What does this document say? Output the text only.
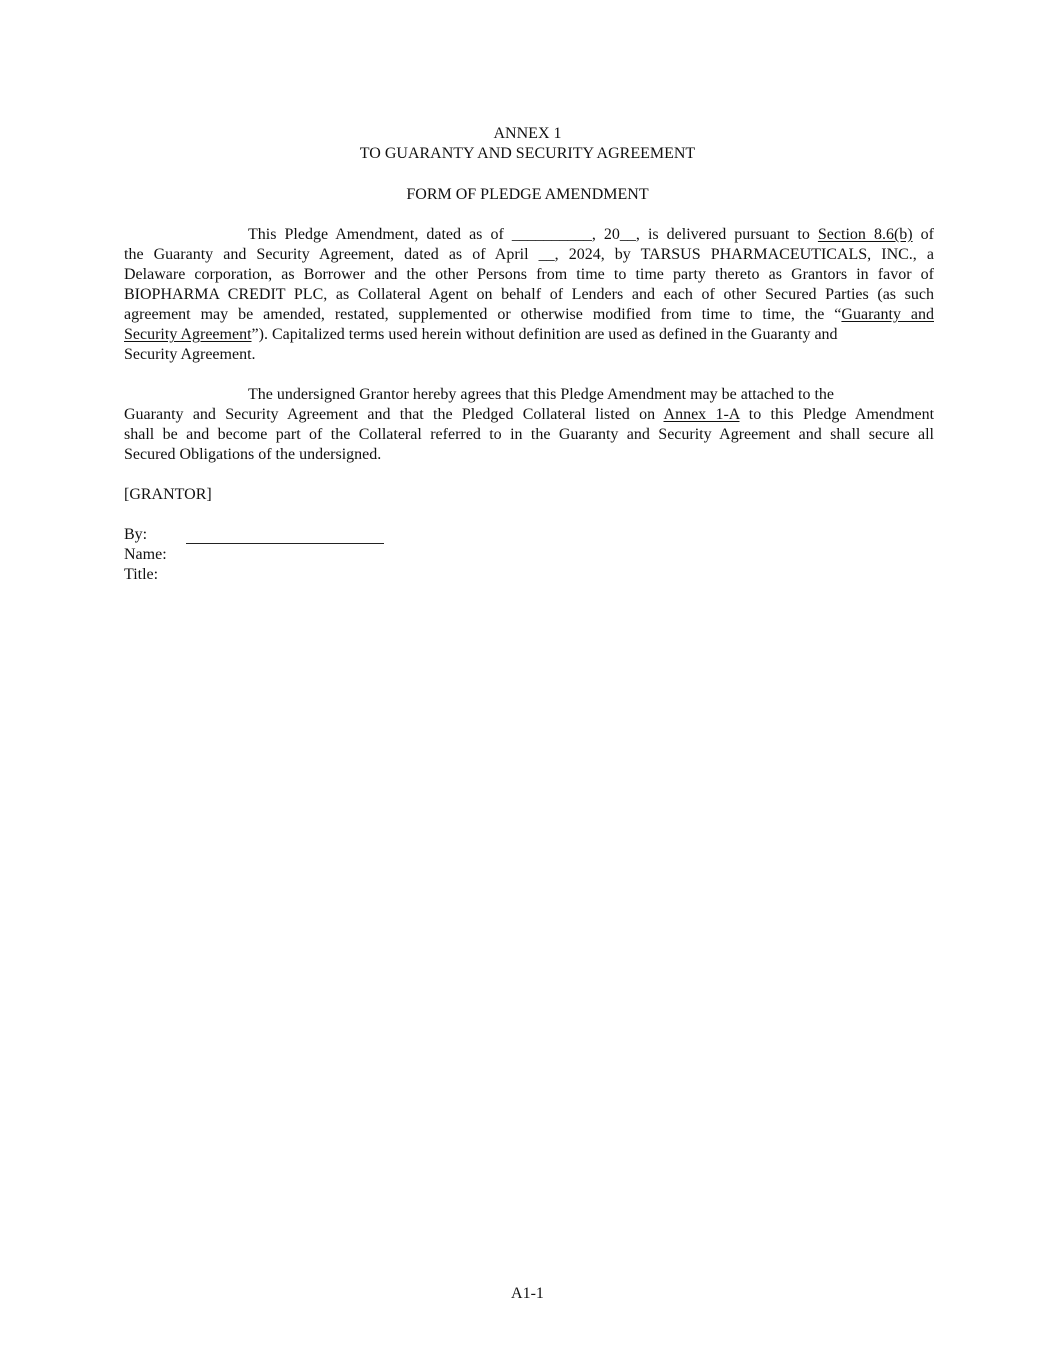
ANNEX 1
TO GUARANTY AND SECURITY AGREEMENT
FORM OF PLEDGE AMENDMENT
This Pledge Amendment, dated as of __________, 20__, is delivered pursuant to Section 8.6(b) of
the Guaranty and Security Agreement, dated as of April __, 2024, by TARSUS PHARMACEUTICALS, INC., a
Delaware corporation, as Borrower and the other Persons from time to time party thereto as Grantors in favor of
BIOPHARMA CREDIT PLC, as Collateral Agent on behalf of Lenders and each of other Secured Parties (as such
agreement may be amended, restated, supplemented or otherwise modified from time to time, the “Guaranty and
Security Agreement”). Capitalized terms used herein without definition are used as defined in the Guaranty and
Security Agreement.
The undersigned Grantor hereby agrees that this Pledge Amendment may be attached to the
Guaranty and Security Agreement and that the Pledged Collateral listed on Annex 1-A to this Pledge Amendment
shall be and become part of the Collateral referred to in the Guaranty and Security Agreement and shall secure all
Secured Obligations of the undersigned.
[GRANTOR]
By:
Name:
Title:
A1-1
